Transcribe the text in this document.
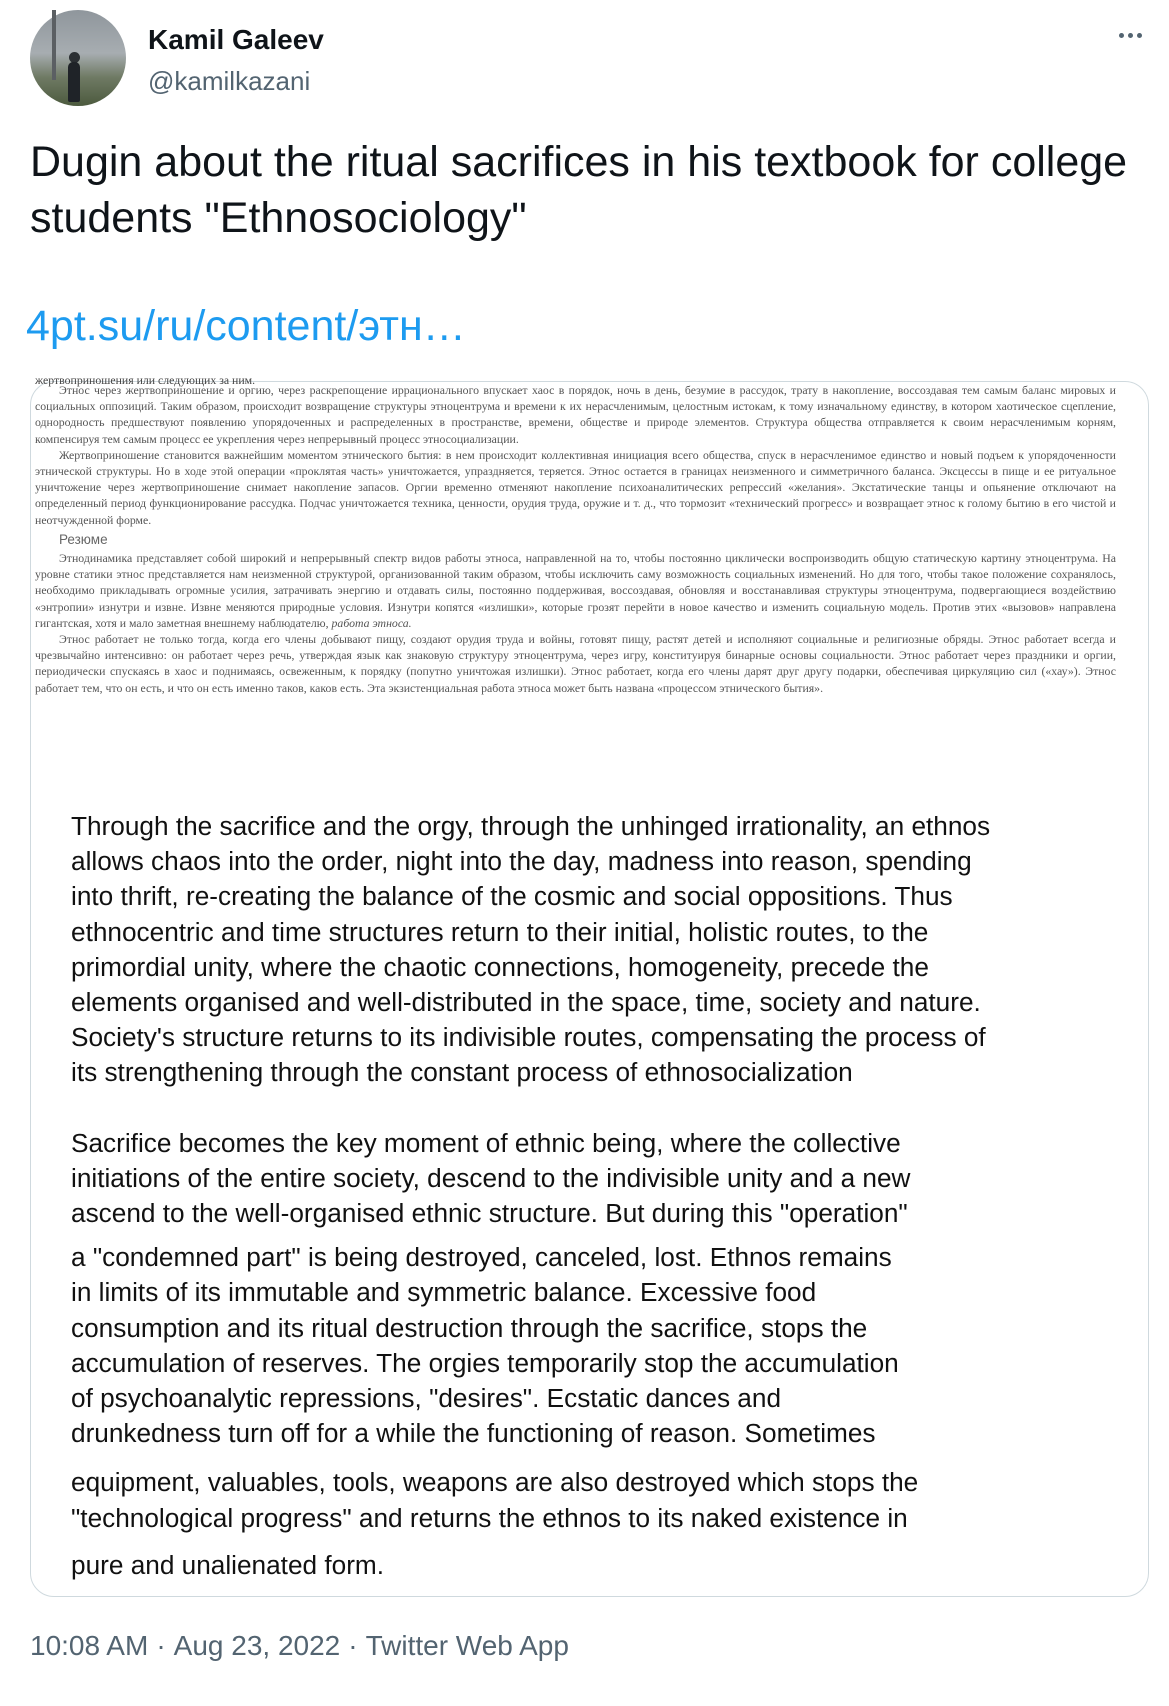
Kamil Galeev
@kamilkazani
Dugin about the ritual sacrifices in his textbook for college students "Ethnosociology"
4pt.su/ru/content/этн…

жертвоприношения или следующих за ним.

Этнос через жертвоприношение и оргию, через раскрепощение иррационального впускает хаос в порядок, ночь в день, безумие в рассудок, трату в накопление, воссоздавая тем самым баланс мировых и социальных оппозиций. Таким образом, происходит возвращение структуры этноцентрума и времени к их нерасчленимым, целостным истокам, к тому изначальному единству, в котором хаотическое сцепление, однородность предшествуют появлению упорядоченных и распределенных в пространстве, времени, обществе и природе элементов. Структура общества отправляется к своим нерасчленимым корням, компенсируя тем самым процесс ее укрепления через непрерывный процесс этносоциализации.

Жертвоприношение становится важнейшим моментом этнического бытия: в нем происходит коллективная инициация всего общества, спуск в нерасчленимое единство и новый подъем к упорядоченности этнической структуры. Но в ходе этой операции «проклятая часть» уничтожается, упраздняется, теряется. Этнос остается в границах неизменного и симметричного баланса. Эксцессы в пище и ее ритуальное уничтожение через жертвоприношение снимает накопление запасов. Оргии временно отменяют накопление психоаналитических репрессий «желания». Экстатические танцы и опьянение отключают на определенный период функционирование рассудка. Подчас уничтожается техника, ценности, орудия труда, оружие и т. д., что тормозит «технический прогресс» и возвращает этнос к голому бытию в его чистой и неотчужденной форме.

Резюме

Этнодинамика представляет собой широкий и непрерывный спектр видов работы этноса, направленной на то, чтобы постоянно циклически воспроизводить общую статическую картину этноцентрума. На уровне статики этнос представляется нам неизменной структурой, организованной таким образом, чтобы исключить саму возможность социальных изменений. Но для того, чтобы такое положение сохранялось, необходимо прикладывать огромные усилия, затрачивать энергию и отдавать силы, постоянно поддерживая, воссоздавая, обновляя и восстанавливая структуры этноцентрума, подвергающиеся воздействию «энтропии» изнутри и извне. Извне меняются природные условия. Изнутри копятся «излишки», которые грозят перейти в новое качество и изменить социальную модель. Против этих «вызовов» направлена гигантская, хотя и мало заметная внешнему наблюдателю, работа этноса.

Этнос работает не только тогда, когда его члены добывают пищу, создают орудия труда и войны, готовят пищу, растят детей и исполняют социальные и религиозные обряды. Этнос работает всегда и чрезвычайно интенсивно: он работает через речь, утверждая язык как знаковую структуру этноцентрума, через игру, конституируя бинарные основы социальности. Этнос работает через праздники и оргии, периодически спускаясь в хаос и поднимаясь, освеженным, к порядку (попутно уничтожая излишки). Этнос работает, когда его члены дарят друг другу подарки, обеспечивая циркуляцию сил («хау»). Этнос работает тем, что он есть, и что он есть именно таков, каков есть. Эта экзистенциальная работа этноса может быть названа «процессом этнического бытия».

Through the sacrifice and the orgy, through the unhinged irrationality, an ethnos
allows chaos into the order, night into the day, madness into reason, spending
into thrift, re-creating the balance of the cosmic and social oppositions. Thus
ethnocentric and time structures return to their initial, holistic routes, to the
primordial unity, where the chaotic connections, homogeneity, precede the
elements organised and well-distributed in the space, time, society and nature.
Society's structure returns to its indivisible routes, compensating the process of
its strengthening through the constant process of ethnosocialization

Sacrifice becomes the key moment of ethnic being, where the collective
initiations of the entire society, descend to the indivisible unity and a new
ascend to the well-organised ethnic structure. But during this "operation"

a "condemned part" is being destroyed, canceled, lost. Ethnos remains
in limits of its immutable and symmetric balance. Excessive food
consumption and its ritual destruction through the sacrifice, stops the
accumulation of reserves. The orgies temporarily stop the accumulation
of psychoanalytic repressions, "desires". Ecstatic dances and
drunkedness turn off for a while the functioning of reason. Sometimes

equipment, valuables, tools, weapons are also destroyed which stops the
"technological progress" and returns the ethnos to its naked existence in

pure and unalienated form.

10:08 AM · Aug 23, 2022 · Twitter Web App
